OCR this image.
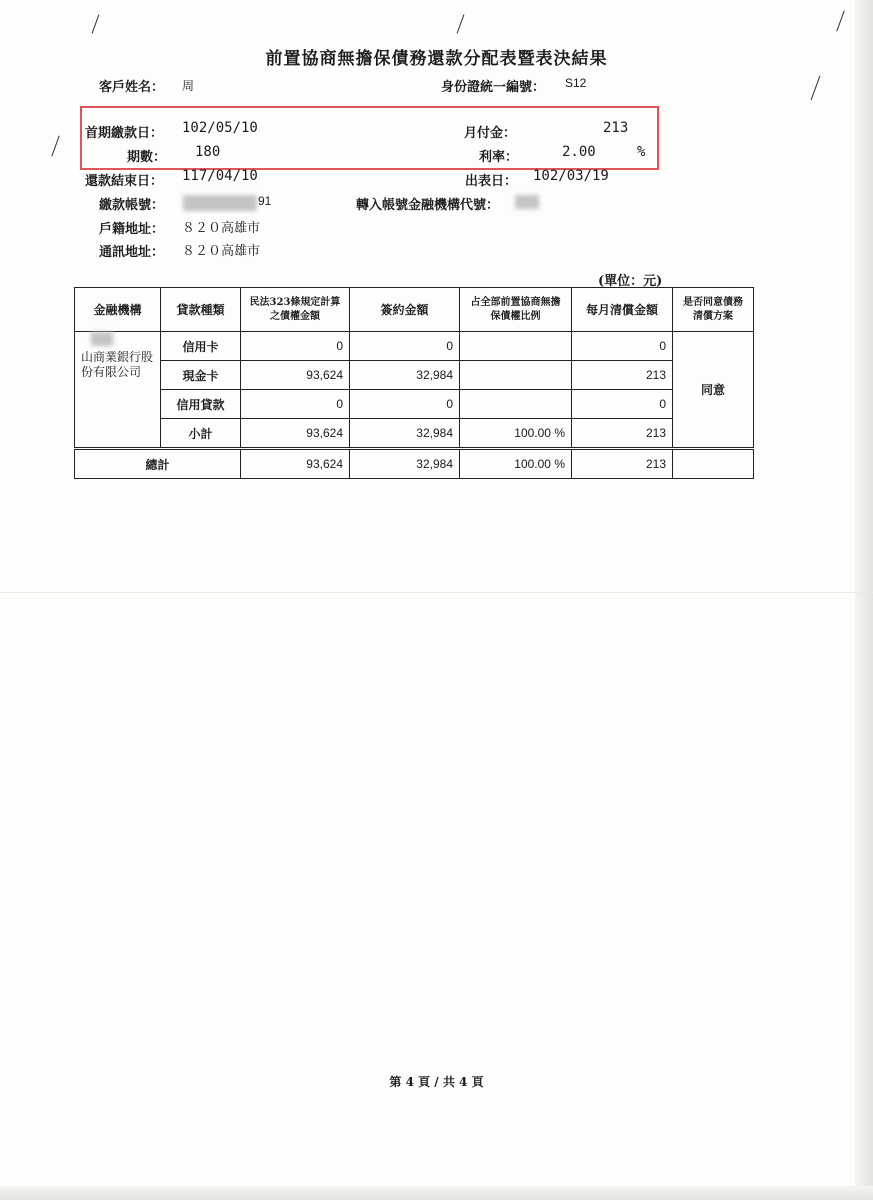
前置協商無擔保債務還款分配表暨表決結果
客戶姓名： 周	身份證統一編號： S12
首期繳款日： 102/05/10	月付金：	213
期數： 180	利率：	2.00	%
還款結束日： 117/04/10	出表日： 102/03/19
繳款帳號：	91	轉入帳號金融機構代號：
戶籍地址： ８２０高雄市
通訊地址： ８２０高雄市
(單位：元)
金融機構	貸款種類	民法323條規定計算之債權金額	簽約金額	占全部前置協商無擔保債權比例	每月清償金額	是否同意債務清償方案

山商業銀行股份有限公司	信用卡	0	0		0	同意
	現金卡	93,624	32,984		213	
	信用貸款	0	0		0	
	小計	93,624	32,984	100.00 %	213	
總計		93,624	32,984	100.00 %	213	
第 4 頁 / 共 4 頁
